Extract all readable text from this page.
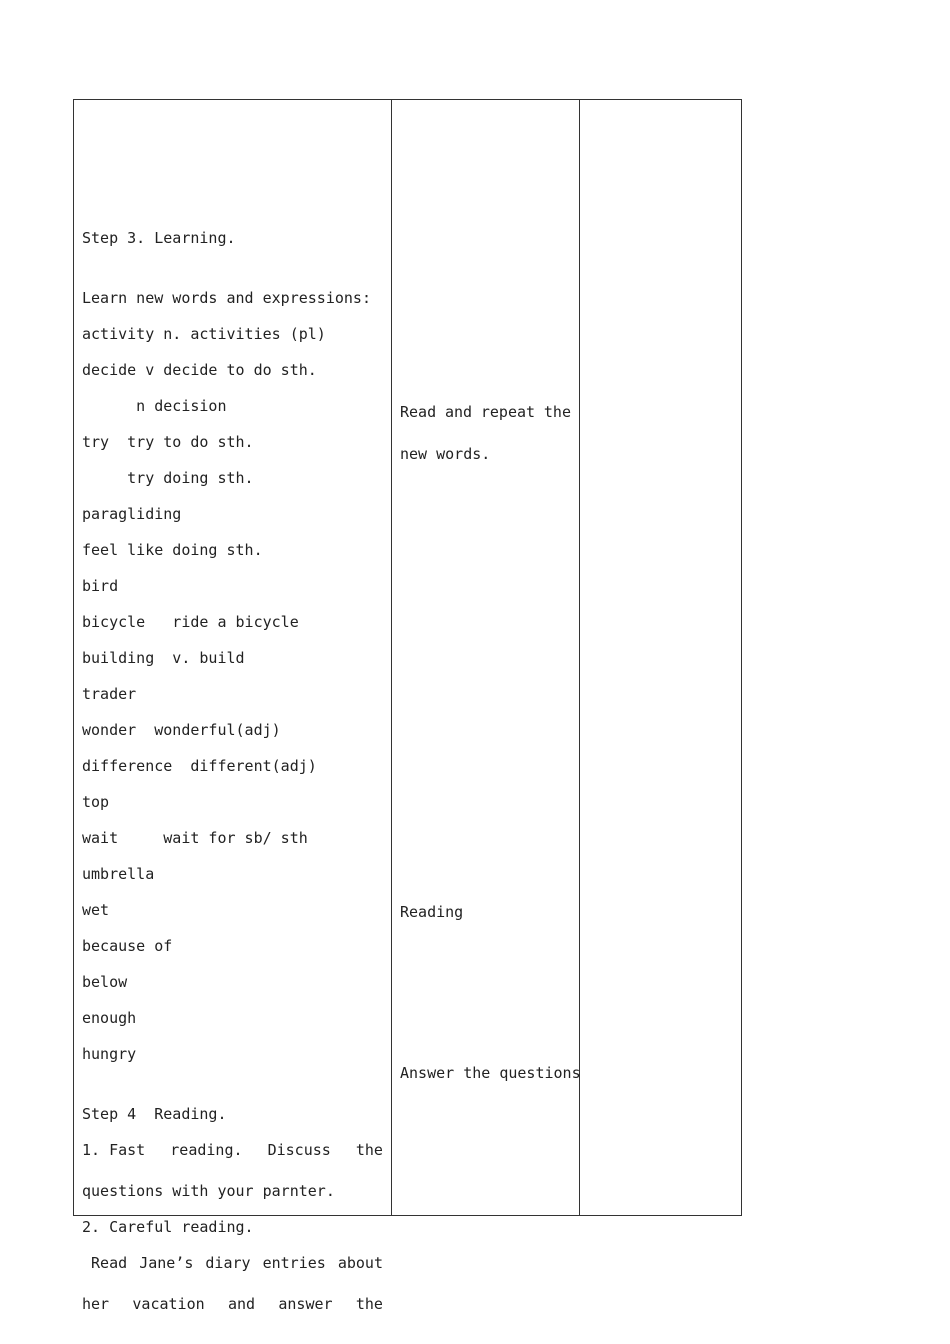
Step 3. Learning.
Learn new words and expressions:
activity n. activities (pl)
decide v decide to do sth.
n decision
try  try to do sth.
try doing sth.
paragliding
feel like doing sth.
bird
bicycle   ride a bicycle
building  v. build
trader
wonder  wonderful(adj)
difference  different(adj)
top
wait     wait for sb/ sth
umbrella
wet
because of
below
enough
hungry
Step 4  Reading.
1. Fast reading. Discuss the
questions with your parnter.
2. Careful reading.
Read Jane’s diary entries about
her vacation and answer the
Read and repeat the
new words.
Reading
Answer the questions
